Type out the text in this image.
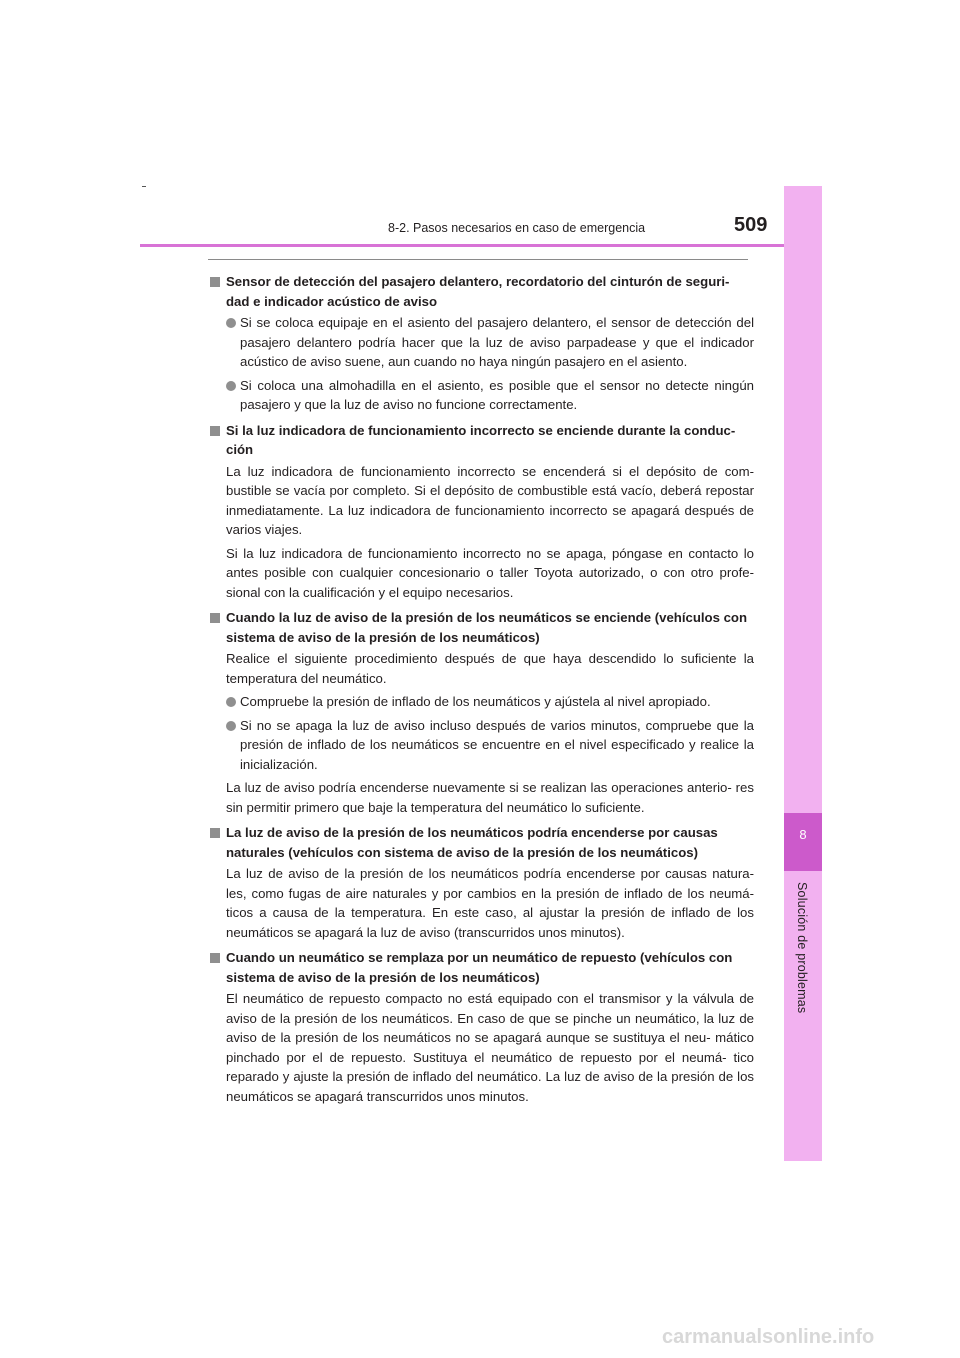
8-2. Pasos necesarios en caso de emergencia	509
8
Solución de problemas
Sensor de detección del pasajero delantero, recordatorio del cinturón de seguri- dad e indicador acústico de aviso
Si se coloca equipaje en el asiento del pasajero delantero, el sensor de detección del pasajero delantero podría hacer que la luz de aviso parpadease y que el indicador acústico de aviso suene, aun cuando no haya ningún pasajero en el asiento.
Si coloca una almohadilla en el asiento, es posible que el sensor no detecte ningún pasajero y que la luz de aviso no funcione correctamente.
Si la luz indicadora de funcionamiento incorrecto se enciende durante la conduc- ción
La luz indicadora de funcionamiento incorrecto se encenderá si el depósito de com- bustible se vacía por completo. Si el depósito de combustible está vacío, deberá repostar inmediatamente. La luz indicadora de funcionamiento incorrecto se apagará después de varios viajes.
Si la luz indicadora de funcionamiento incorrecto no se apaga, póngase en contacto lo antes posible con cualquier concesionario o taller Toyota autorizado, o con otro profe- sional con la cualificación y el equipo necesarios.
Cuando la luz de aviso de la presión de los neumáticos se enciende (vehículos con sistema de aviso de la presión de los neumáticos)
Realice el siguiente procedimiento después de que haya descendido lo suficiente la temperatura del neumático.
Compruebe la presión de inflado de los neumáticos y ajústela al nivel apropiado.
Si no se apaga la luz de aviso incluso después de varios minutos, compruebe que la presión de inflado de los neumáticos se encuentre en el nivel especificado y realice la inicialización.
La luz de aviso podría encenderse nuevamente si se realizan las operaciones anterio- res sin permitir primero que baje la temperatura del neumático lo suficiente.
La luz de aviso de la presión de los neumáticos podría encenderse por causas naturales (vehículos con sistema de aviso de la presión de los neumáticos)
La luz de aviso de la presión de los neumáticos podría encenderse por causas natura- les, como fugas de aire naturales y por cambios en la presión de inflado de los neumá- ticos a causa de la temperatura. En este caso, al ajustar la presión de inflado de los neumáticos se apagará la luz de aviso (transcurridos unos minutos).
Cuando un neumático se remplaza por un neumático de repuesto (vehículos con sistema de aviso de la presión de los neumáticos)
El neumático de repuesto compacto no está equipado con el transmisor y la válvula de aviso de la presión de los neumáticos. En caso de que se pinche un neumático, la luz de aviso de la presión de los neumáticos no se apagará aunque se sustituya el neu- mático pinchado por el de repuesto. Sustituya el neumático de repuesto por el neumá- tico reparado y ajuste la presión de inflado del neumático. La luz de aviso de la presión de los neumáticos se apagará transcurridos unos minutos.
carmanualsonline.info
